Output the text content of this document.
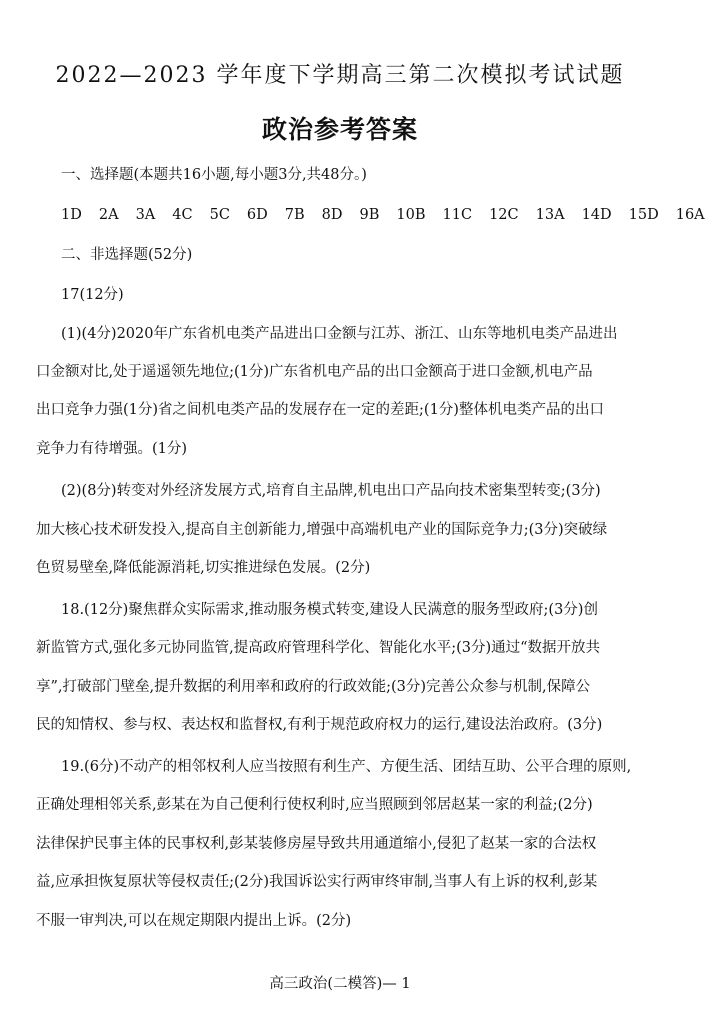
2022—2023 学年度下学期高三第二次模拟考试试题
政治参考答案
一、选择题(本题共16小题,每小题3分,共48分。)
1D 2A 3A 4C 5C 6D 7B 8D 9B 10B 11C 12C 13A 14D 15D 16A
二、非选择题(52分)
17(12分)
(1)(4分)2020年广东省机电类产品进出口金额与江苏、浙江、山东等地机电类产品进出
口金额对比,处于遥遥领先地位;(1分)广东省机电产品的出口金额高于进口金额,机电产品
出口竞争力强(1分)省之间机电类产品的发展存在一定的差距;(1分)整体机电类产品的出口
竞争力有待增强。(1分)
(2)(8分)转变对外经济发展方式,培育自主品牌,机电出口产品向技术密集型转变;(3分)
加大核心技术研发投入,提高自主创新能力,增强中高端机电产业的国际竞争力;(3分)突破绿
色贸易壁垒,降低能源消耗,切实推进绿色发展。(2分)
18.(12分)聚焦群众实际需求,推动服务模式转变,建设人民满意的服务型政府;(3分)创
新监管方式,强化多元协同监管,提高政府管理科学化、智能化水平;(3分)通过“数据开放共
享”,打破部门壁垒,提升数据的利用率和政府的行政效能;(3分)完善公众参与机制,保障公
民的知情权、参与权、表达权和监督权,有利于规范政府权力的运行,建设法治政府。(3分)
19.(6分)不动产的相邻权利人应当按照有利生产、方便生活、团结互助、公平合理的原则,
正确处理相邻关系,彭某在为自己便利行使权利时,应当照顾到邻居赵某一家的利益;(2分)
法律保护民事主体的民事权利,彭某装修房屋导致共用通道缩小,侵犯了赵某一家的合法权
益,应承担恢复原状等侵权责任;(2分)我国诉讼实行两审终审制,当事人有上诉的权利,彭某
不服一审判决,可以在规定期限内提出上诉。(2分)
高三政治(二模答)— 1
